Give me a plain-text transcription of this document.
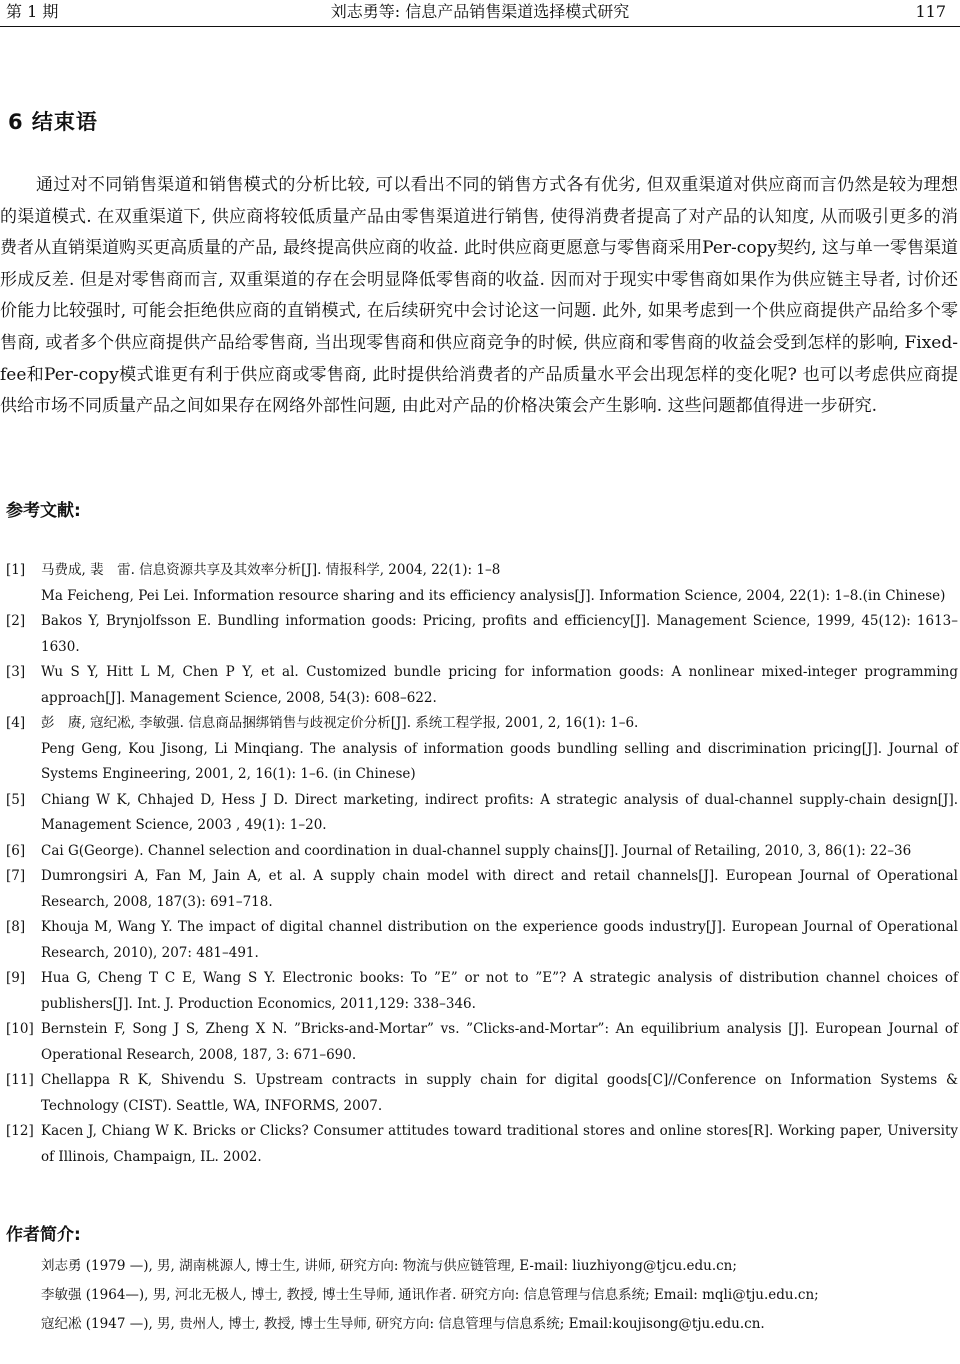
第 1 期	刘志勇等: 信息产品销售渠道选择模式研究	117
6 结束语

通过对不同销售渠道和销售模式的分析比较, 可以看出不同的销售方式各有优劣, 但双重渠道对供应商而言仍然是较为理想的渠道模式. 在双重渠道下, 供应商将较低质量产品由零售渠道进行销售, 使得消费者提高了对产品的认知度, 从而吸引更多的消费者从直销渠道购买更高质量的产品, 最终提高供应商的收益. 此时供应商更愿意与零售商采用Per-copy契约, 这与单一零售渠道形成反差. 但是对零售商而言, 双重渠道的存在会明显降低零售商的收益. 因而对于现实中零售商如果作为供应链主导者, 讨价还价能力比较强时, 可能会拒绝供应商的直销模式, 在后续研究中会讨论这一问题. 此外, 如果考虑到一个供应商提供产品给多个零售商, 或者多个供应商提供产品给零售商, 当出现零售商和供应商竞争的时候, 供应商和零售商的收益会受到怎样的影响, Fixed-fee和Per-copy模式谁更有利于供应商或零售商, 此时提供给消费者的产品质量水平会出现怎样的变化呢? 也可以考虑供应商提供给市场不同质量产品之间如果存在网络外部性问题, 由此对产品的价格决策会产生影响. 这些问题都值得进一步研究.

参考文献:

[1] 马费成, 裴　雷. 信息资源共享及其效率分析[J]. 情报科学, 2004, 22(1): 1–8
Ma Feicheng, Pei Lei. Information resource sharing and its efficiency analysis[J]. Information Science, 2004, 22(1): 1–8.(in Chinese)

[2] Bakos Y, Brynjolfsson E. Bundling information goods: Pricing, profits and efficiency[J]. Management Science, 1999, 45(12): 1613–1630.

[3] Wu S Y, Hitt L M, Chen P Y, et al. Customized bundle pricing for information goods: A nonlinear mixed-integer programming approach[J]. Management Science, 2008, 54(3): 608–622.

[4] 彭　赓, 寇纪凇, 李敏强. 信息商品捆绑销售与歧视定价分析[J]. 系统工程学报, 2001, 2, 16(1): 1–6.
Peng Geng, Kou Jisong, Li Minqiang. The analysis of information goods bundling selling and discrimination pricing[J]. Journal of Systems Engineering, 2001, 2, 16(1): 1–6. (in Chinese)

[5] Chiang W K, Chhajed D, Hess J D. Direct marketing, indirect profits: A strategic analysis of dual-channel supply-chain design[J]. Management Science, 2003 , 49(1): 1–20.

[6] Cai G(George). Channel selection and coordination in dual-channel supply chains[J]. Journal of Retailing, 2010, 3, 86(1): 22–36

[7] Dumrongsiri A, Fan M, Jain A, et al. A supply chain model with direct and retail channels[J]. European Journal of Operational Research, 2008, 187(3): 691–718.

[8] Khouja M, Wang Y. The impact of digital channel distribution on the experience goods industry[J]. European Journal of Operational Research, 2010), 207: 481–491.

[9] Hua G, Cheng T C E, Wang S Y. Electronic books: To ”E” or not to ”E”? A strategic analysis of distribution channel choices of publishers[J]. Int. J. Production Economics, 2011,129: 338–346.

[10] Bernstein F, Song J S, Zheng X N. ”Bricks-and-Mortar” vs. ”Clicks-and-Mortar”: An equilibrium analysis [J]. European Journal of Operational Research, 2008, 187, 3: 671–690.

[11] Chellappa R K, Shivendu S. Upstream contracts in supply chain for digital goods[C]//Conference on Information Systems & Technology (CIST). Seattle, WA, INFORMS, 2007.

[12] Kacen J, Chiang W K. Bricks or Clicks? Consumer attitudes toward traditional stores and online stores[R]. Working paper, University of Illinois, Champaign, IL. 2002.

作者简介:

刘志勇 (1979 —), 男, 湖南桃源人, 博士生, 讲师, 研究方向: 物流与供应链管理, E-mail: liuzhiyong@tjcu.edu.cn;

李敏强 (1964—), 男, 河北无极人, 博士, 教授, 博士生导师, 通讯作者. 研究方向: 信息管理与信息系统; Email: mqli@tju.edu.cn;

寇纪凇 (1947 —), 男, 贵州人, 博士, 教授, 博士生导师, 研究方向: 信息管理与信息系统; Email:koujisong@tju.edu.cn.
